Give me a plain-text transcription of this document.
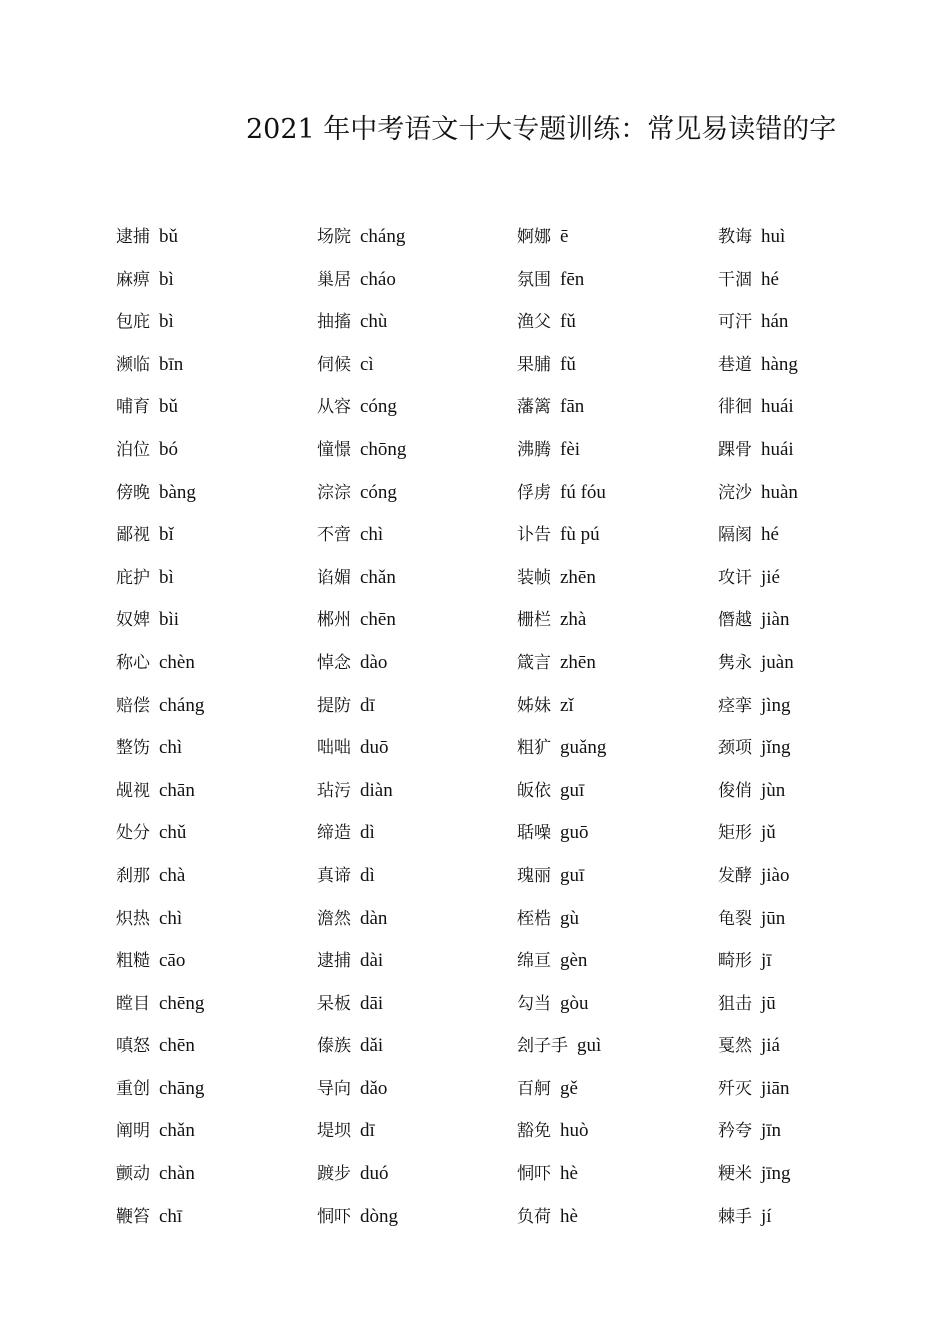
2021 年中考语文十大专题训练：常见易读错的字
逮捕 bǔ
麻痹 bì
包庇 bì
濒临 bīn
哺育 bǔ
泊位 bó
傍晚 bàng
鄙视 bǐ
庇护 bì
奴婢 bìi
称心 chèn
赔偿 cháng
整饬 chì
觇视 chān
处分 chǔ
刹那 chà
炽热 chì
粗糙 cāo
瞠目 chēng
嗔怒 chēn
重创 chāng
阐明 chǎn
颤动 chàn
鞭笞 chī
场院 cháng
巢居 cháo
抽搐 chù
伺候 cì
从容 cóng
憧憬 chōng
淙淙 cóng
不啻 chì
谄媚 chǎn
郴州 chēn
悼念 dào
提防 dī
咄咄 duō
玷污 diàn
缔造 dì
真谛 dì
澹然 dàn
逮捕 dài
呆板 dāi
傣族 dǎi
导向 dǎo
堤坝 dī
踱步 duó
恫吓 dòng
婀娜 ē
氛围 fēn
渔父 fǔ
果脯 fǔ
藩篱 fān
沸腾 fèi
俘虏 fú fóu
讣告 fù pú
装帧 zhēn
栅栏 zhà
箴言 zhēn
姊妹 zǐ
粗犷 guǎng
皈依 guī
聒噪 guō
瑰丽 guī
桎梏 gù
绵亘 gèn
勾当 gòu
刽子手 guì
百舸 gě
豁免 huò
恫吓 hè
负荷 hè
教诲 huì
干涸 hé
可汗 hán
巷道 hàng
徘徊 huái
踝骨 huái
浣沙 huàn
隔阂 hé
攻讦 jié
僭越 jiàn
隽永 juàn
痉挛 jìng
颈项 jǐng
俊俏 jùn
矩形 jǔ
发酵 jiào
龟裂 jūn
畸形 jī
狙击 jū
戛然 jiá
歼灭 jiān
矜夸 jīn
粳米 jīng
棘手 jí
